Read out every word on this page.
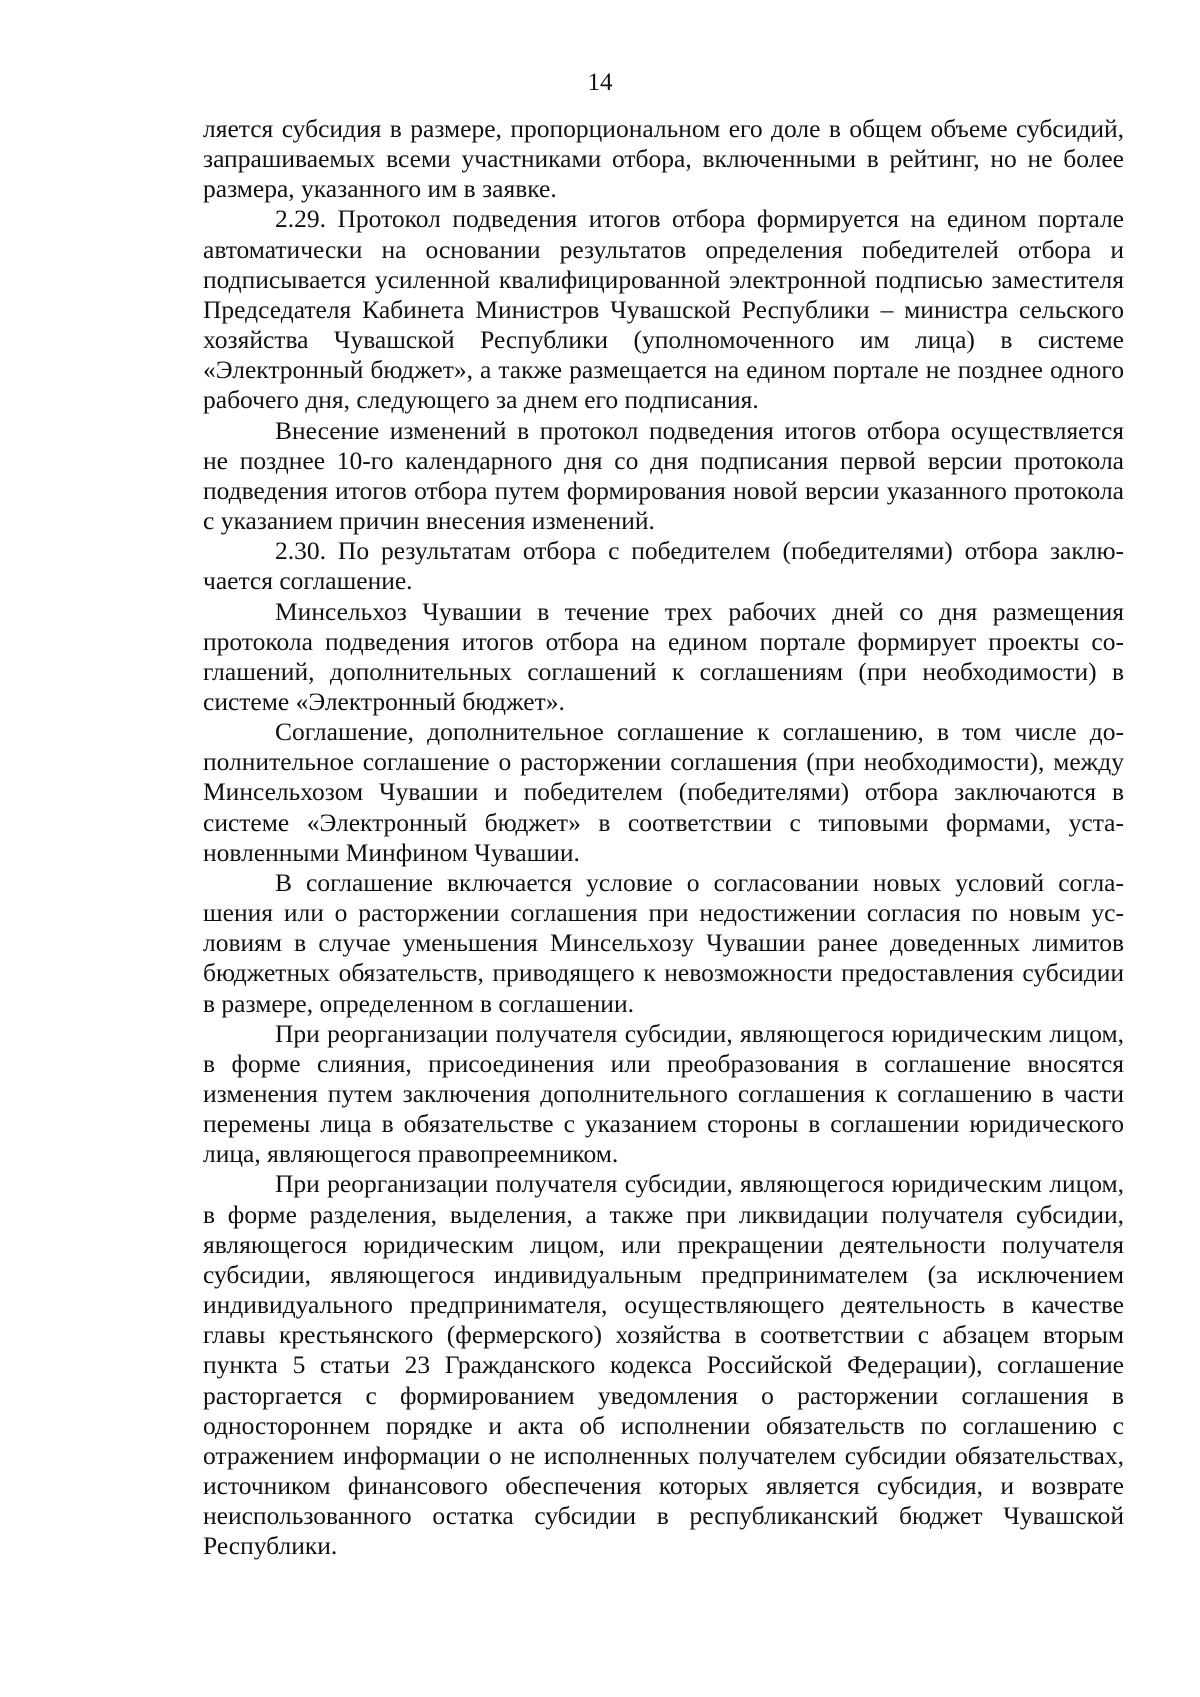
14

ляется субсидия в размере, пропорциональном его доле в общем объеме субсидий, запрашиваемых всеми участниками отбора, включенными в рейтинг, но не более размера, указанного им в заявке.

2.29. Протокол подведения итогов отбора формируется на едином портале автоматически на основании результатов определения победителей отбора и подписывается усиленной квалифицированной электронной подписью заместителя Председателя Кабинета Министров Чувашской Республики – министра сельского хозяйства Чувашской Республики (уполномоченного им лица) в системе «Электронный бюджет», а также размещается на едином портале не позднее одного рабочего дня, следующего за днем его подписания.

Внесение изменений в протокол подведения итогов отбора осуществляется не позднее 10-го календарного дня со дня подписания первой версии протокола подведения итогов отбора путем формирования новой версии указанного протокола с указанием причин внесения изменений.

2.30. По результатам отбора с победителем (победителями) отбора заключается соглашение.

Минсельхоз Чувашии в течение трех рабочих дней со дня размещения протокола подведения итогов отбора на едином портале формирует проекты соглашений, дополнительных соглашений к соглашениям (при необходимости) в системе «Электронный бюджет».

Соглашение, дополнительное соглашение к соглашению, в том числе дополнительное соглашение о расторжении соглашения (при необходимости), между Минсельхозом Чувашии и победителем (победителями) отбора заключаются в системе «Электронный бюджет» в соответствии с типовыми формами, установленными Минфином Чувашии.

В соглашение включается условие о согласовании новых условий соглашения или о расторжении соглашения при недостижении согласия по новым условиям в случае уменьшения Минсельхозу Чувашии ранее доведенных лимитов бюджетных обязательств, приводящего к невозможности предоставления субсидии в размере, определенном в соглашении.

При реорганизации получателя субсидии, являющегося юридическим лицом, в форме слияния, присоединения или преобразования в соглашение вносятся изменения путем заключения дополнительного соглашения к соглашению в части перемены лица в обязательстве с указанием стороны в соглашении юридического лица, являющегося правопреемником.

При реорганизации получателя субсидии, являющегося юридическим лицом, в форме разделения, выделения, а также при ликвидации получателя субсидии, являющегося юридическим лицом, или прекращении деятельности получателя субсидии, являющегося индивидуальным предпринимателем (за исключением индивидуального предпринимателя, осуществляющего деятельность в качестве главы крестьянского (фермерского) хозяйства в соответствии с абзацем вторым пункта 5 статьи 23 Гражданского кодекса Российской Федерации), соглашение расторгается с формированием уведомления о расторжении соглашения в одностороннем порядке и акта об исполнении обязательств по соглашению с отражением информации о не исполненных получателем субсидии обязательствах, источником финансового обеспечения которых является субсидия, и возврате неиспользованного остатка субсидии в республиканский бюджет Чувашской Республики.
